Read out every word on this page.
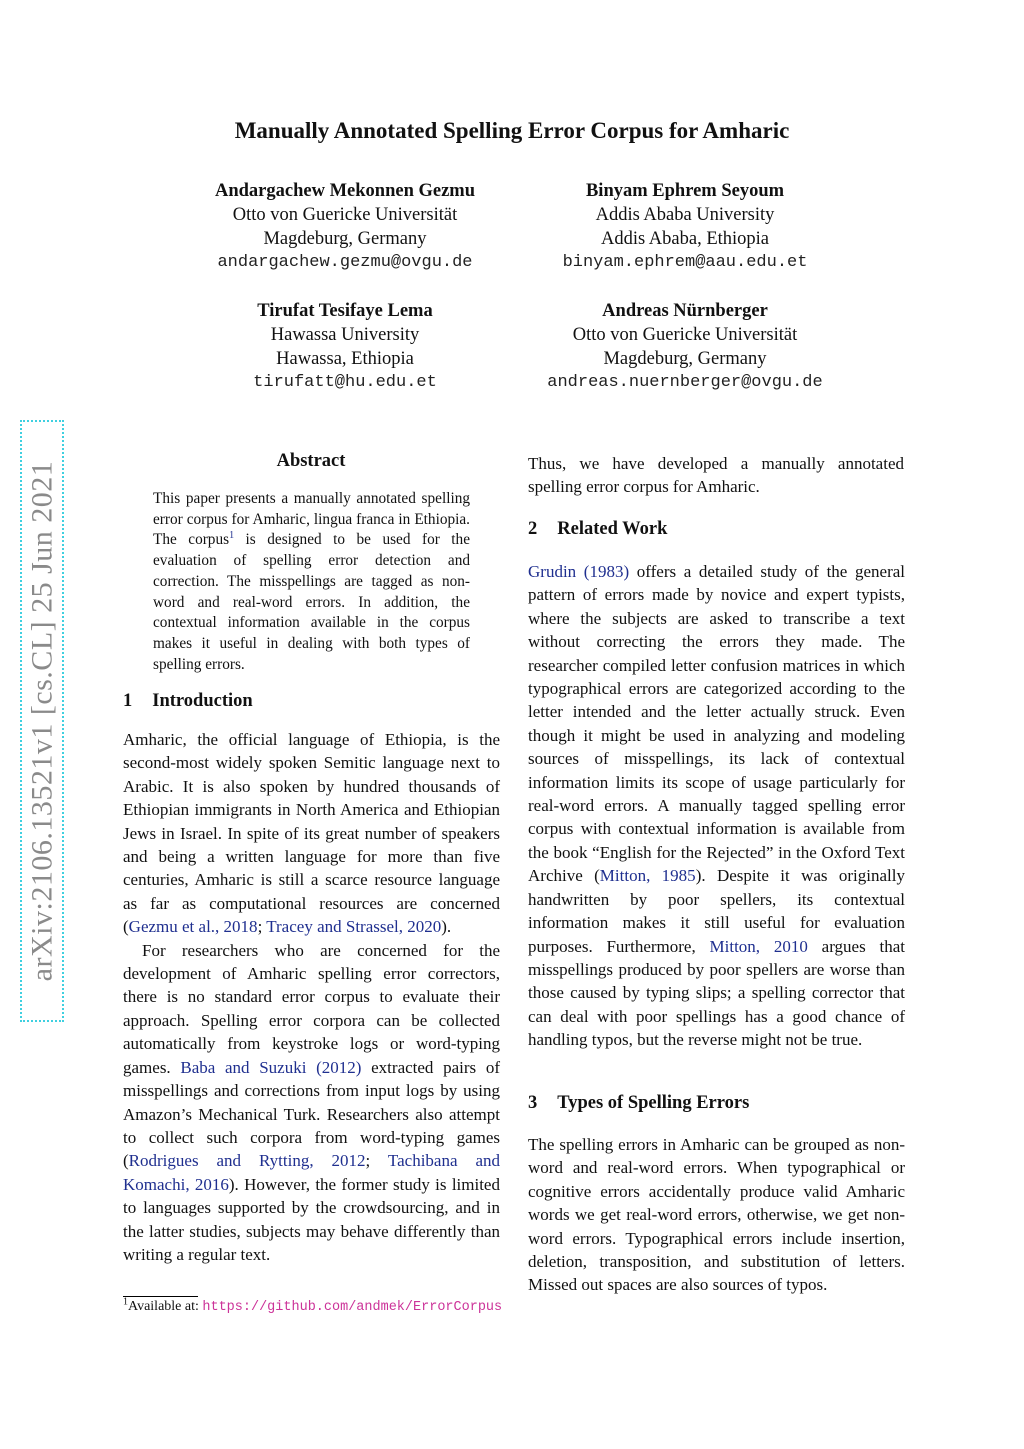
Manually Annotated Spelling Error Corpus for Amharic
Andargachew Mekonnen Gezmu
Otto von Guericke Universität
Magdeburg, Germany
andargachew.gezmu@ovgu.de
Binyam Ephrem Seyoum
Addis Ababa University
Addis Ababa, Ethiopia
binyam.ephrem@aau.edu.et
Tirufat Tesifaye Lema
Hawassa University
Hawassa, Ethiopia
tirufatt@hu.edu.et
Andreas Nürnberger
Otto von Guericke Universität
Magdeburg, Germany
andreas.nuernberger@ovgu.de
arXiv:2106.13521v1 [cs.CL] 25 Jun 2021	Abstract
This paper presents a manually annotated spelling error corpus for Amharic, lingua franca in Ethiopia. The corpus$^1$ is designed to be used for the evaluation of spelling error detection and correction. The misspellings are tagged as non-word and real-word errors. In addition, the contextual information available in the corpus makes it useful in dealing with both types of spelling errors.
1 Introduction

Amharic, the official language of Ethiopia, is the second-most widely spoken Semitic language next to Arabic. It is also spoken by hundred thousands of Ethiopian immigrants in North America and Ethiopian Jews in Israel. In spite of its great number of speakers and being a written language for more than five centuries, Amharic is still a scarce resource language as far as computational resources are concerned (Gezmu et al., 2018; Tracey and Strassel, 2020).

For researchers who are concerned for the development of Amharic spelling error correctors, there is no standard error corpus to evaluate their approach. Spelling error corpora can be collected automatically from keystroke logs or word-typing games. Baba and Suzuki (2012) extracted pairs of misspellings and corrections from input logs by using Amazon’s Mechanical Turk. Researchers also attempt to collect such corpora from word-typing games (Rodrigues and Rytting, 2012; Tachibana and Komachi, 2016). However, the former study is limited to languages supported by the crowdsourcing, and in the latter studies, subjects may behave differently than writing a regular text.

$^1$Available at: https://github.com/andmek/ErrorCorpus

Thus, we have developed a manually annotated spelling error corpus for Amharic.

2 Related Work

Grudin (1983) offers a detailed study of the general pattern of errors made by novice and expert typists, where the subjects are asked to transcribe a text without correcting the errors they made. The researcher compiled letter confusion matrices in which typographical errors are categorized according to the letter intended and the letter actually struck. Even though it might be used in analyzing and modeling sources of misspellings, its lack of contextual information limits its scope of usage particularly for real-word errors. A manually tagged spelling error corpus with contextual information is available from the book “English for the Rejected” in the Oxford Text Archive (Mitton, 1985). Despite it was originally handwritten by poor spellers, its contextual information makes it still useful for evaluation purposes. Furthermore, Mitton, 2010 argues that misspellings produced by poor spellers are worse than those caused by typing slips; a spelling corrector that can deal with poor spellings has a good chance of handling typos, but the reverse might not be true.

3 Types of Spelling Errors

The spelling errors in Amharic can be grouped as non-word and real-word errors. When typographical or cognitive errors accidentally produce valid Amharic words we get real-word errors, otherwise, we get non-word errors. Typographical errors include insertion, deletion, transposition, and substitution of letters. Missed out spaces are also sources of typos.
